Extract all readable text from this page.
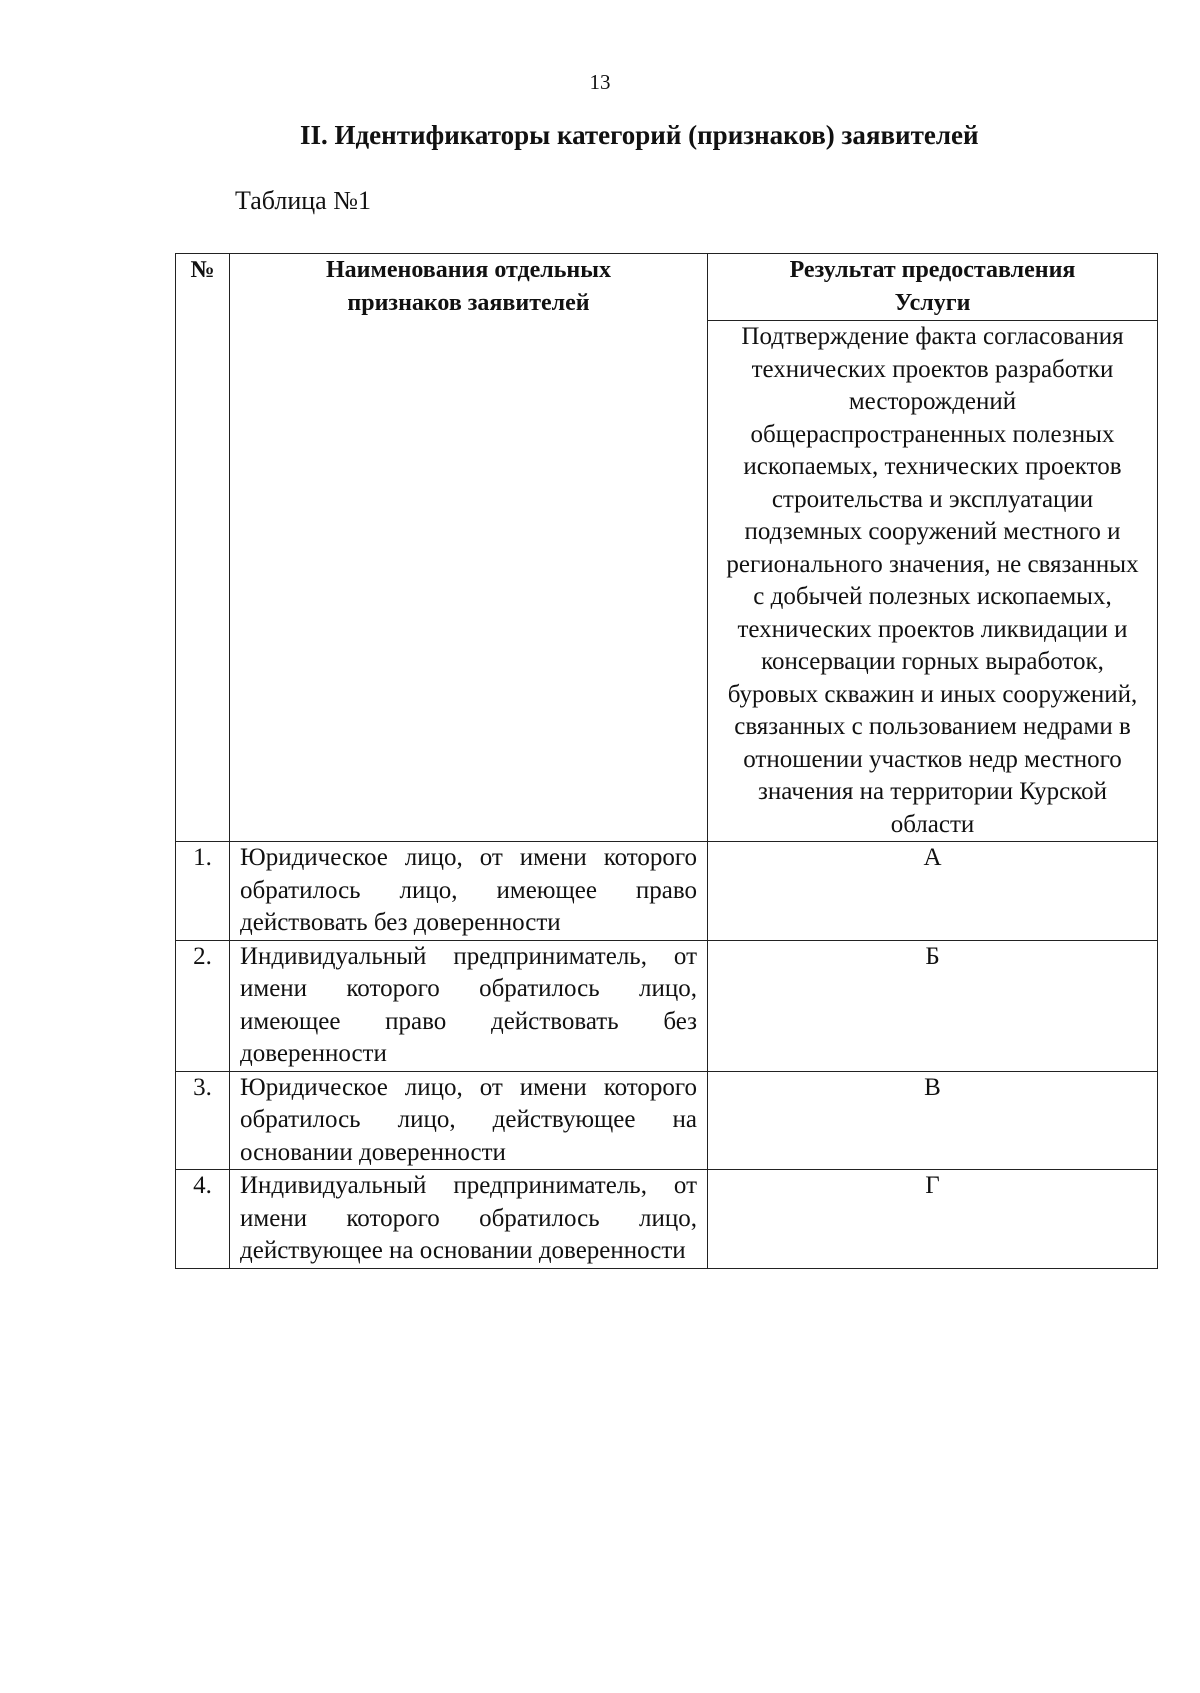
13
II. Идентификаторы категорий (признаков) заявителей
Таблица №1
№	Наименования отдельных признаков заявителей	Результат предоставления Услуги

		Подтверждение факта согласования технических проектов разработки месторождений общераспространенных полезных ископаемых, технических проектов строительства и эксплуатации подземных сооружений местного и регионального значения, не связанных с добычей полезных ископаемых, технических проектов ликвидации и консервации горных выработок, буровых скважин и иных сооружений, связанных с пользованием недрами в отношении участков недр местного значения на территории Курской области

1.	Юридическое лицо, от имени которого обратилось лицо, имеющее право действовать без доверенности	А
2.	Индивидуальный предприниматель, от имени которого обратилось лицо, имеющее право действовать без доверенности	Б
3.	Юридическое лицо, от имени которого обратилось лицо, действующее на основании доверенности	В
4.	Индивидуальный предприниматель, от имени которого обратилось лицо, действующее на основании доверенности	Г
